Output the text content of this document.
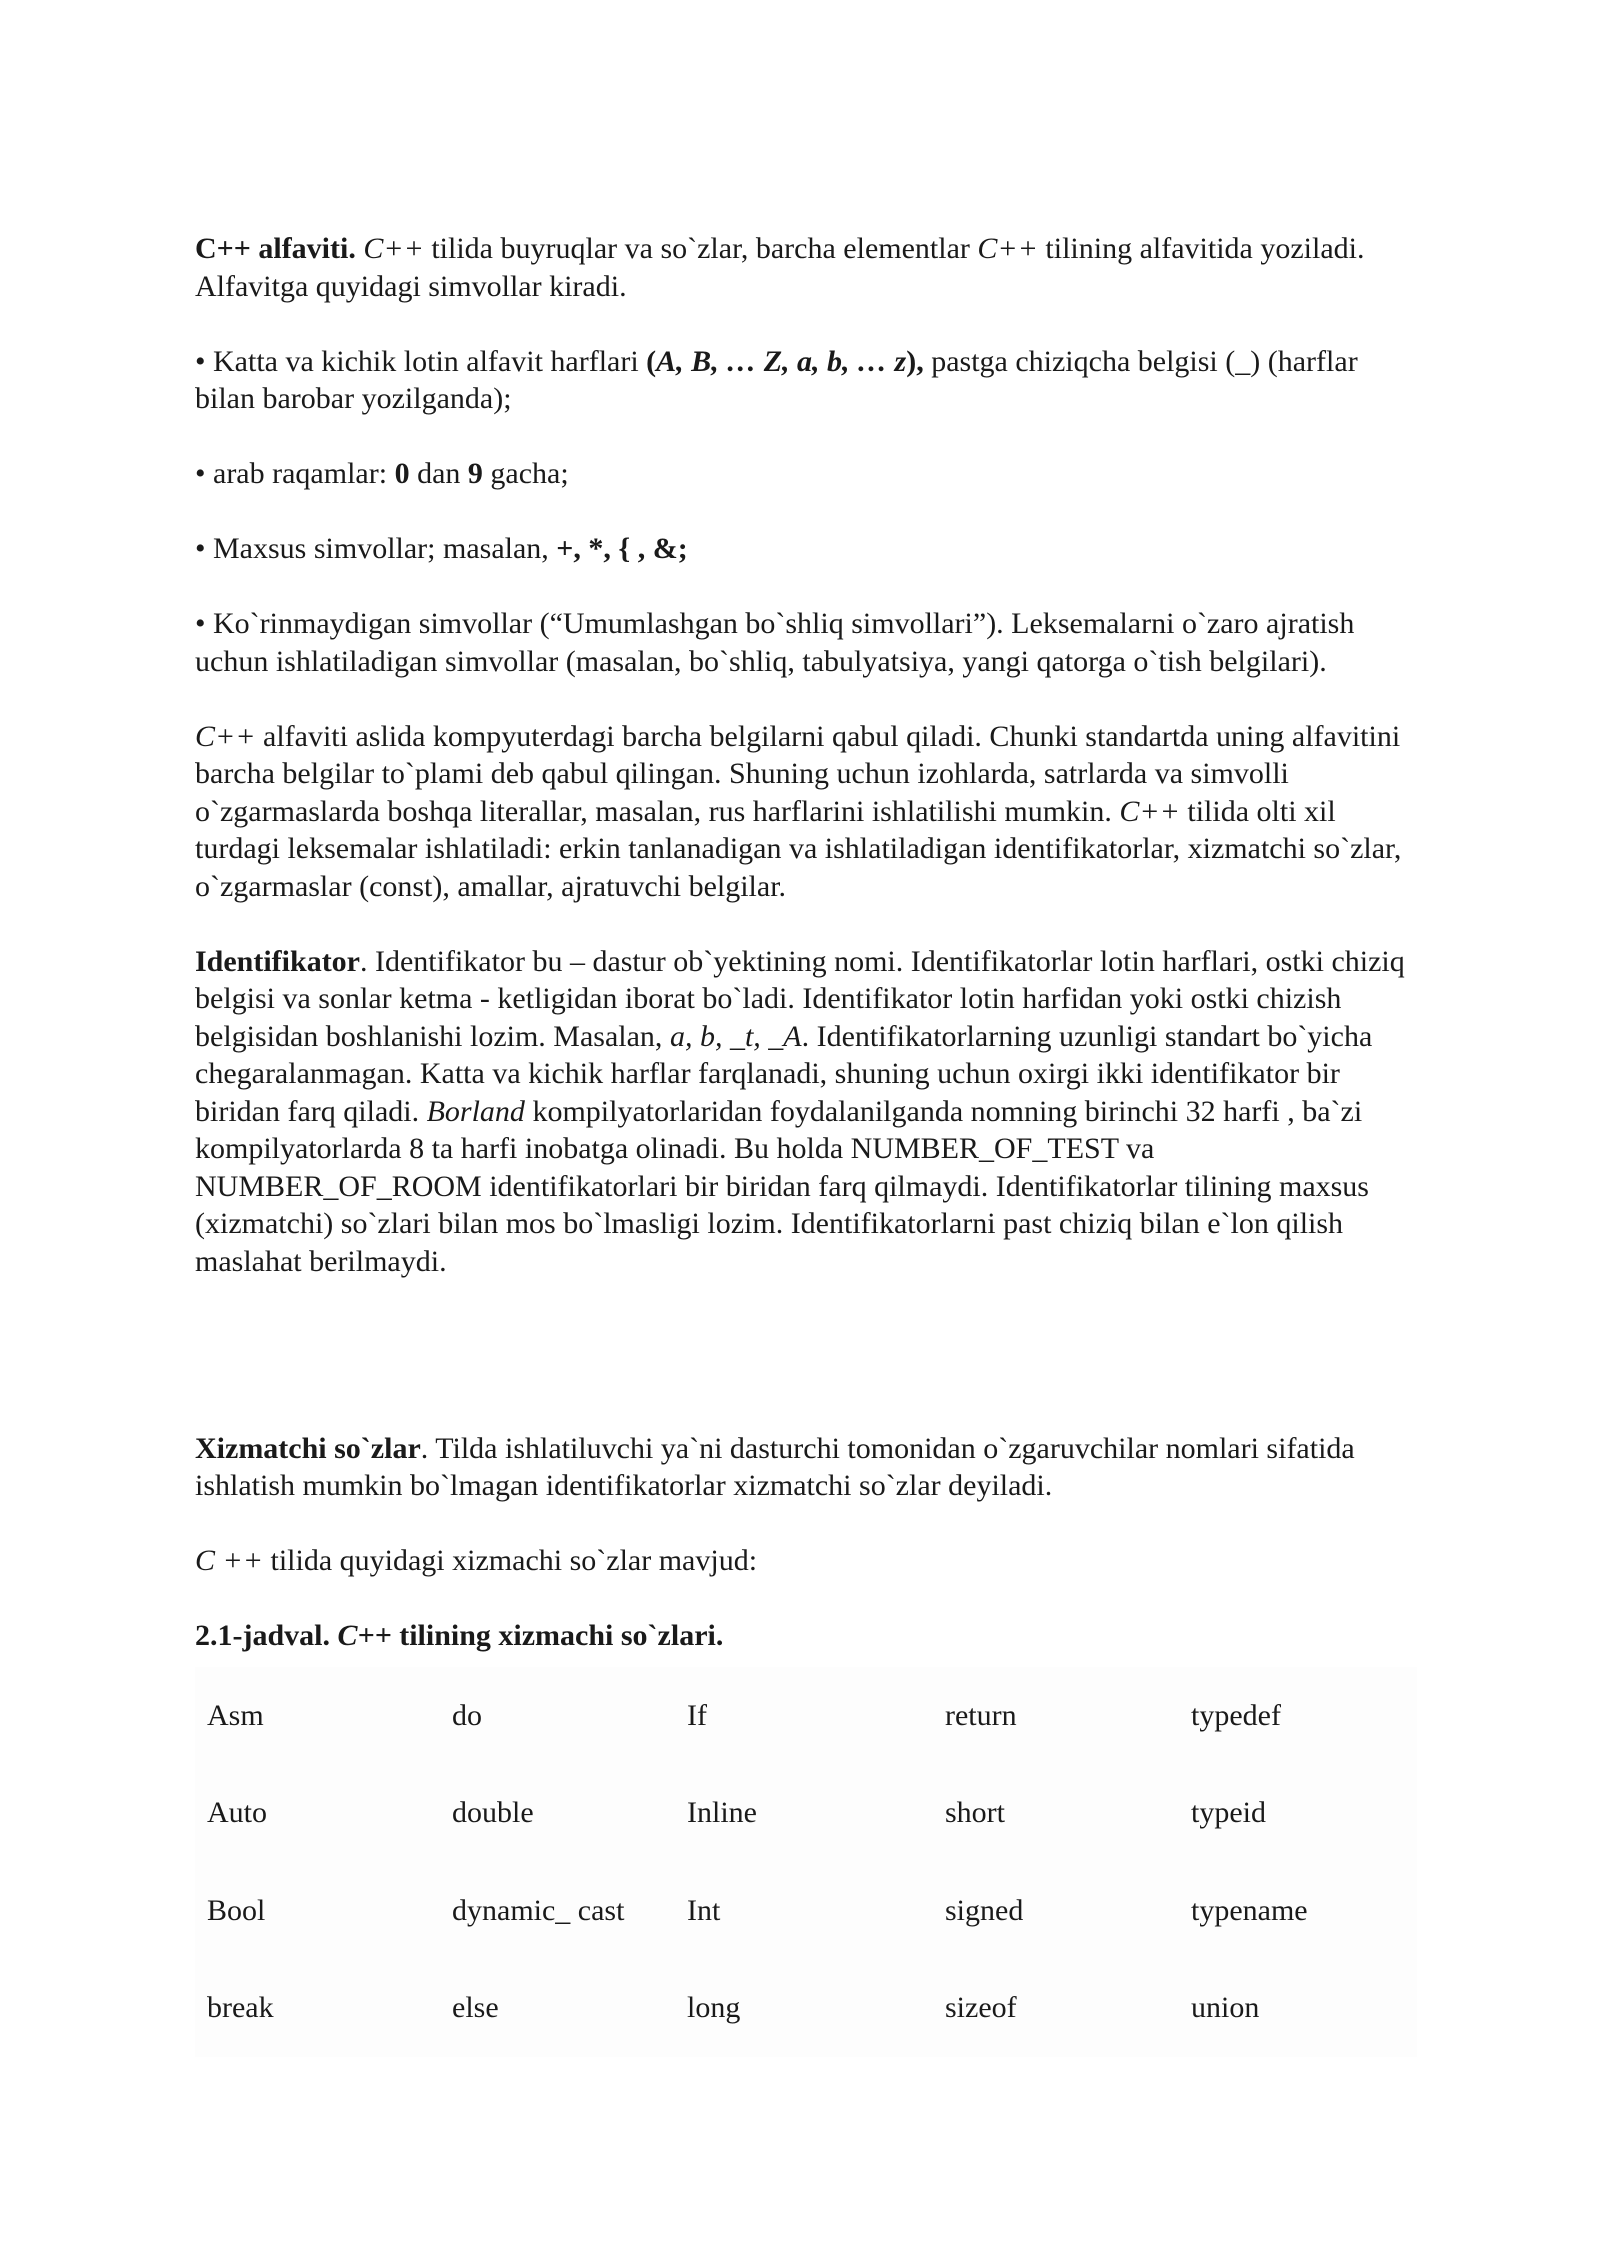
C++ alfaviti. C++ tilida buyruqlar va so`zlar, barcha elementlar C++ tilining alfavitida yoziladi. Alfavitga quyidagi simvollar kiradi.

• Katta va kichik lotin alfavit harflari (A, B, … Z, a, b, … z), pastga chiziqcha belgisi (_) (harflar bilan barobar yozilganda);

• arab raqamlar: 0 dan 9 gacha;

• Maxsus simvollar; masalan, +, *, { , &;

• Ko`rinmaydigan simvollar (“Umumlashgan bo`shliq simvollari”). Leksemalarni o`zaro ajratish uchun ishlatiladigan simvollar (masalan, bo`shliq, tabulyatsiya, yangi qatorga o`tish belgilari).

C++ alfaviti aslida kompyuterdagi barcha belgilarni qabul qiladi. Chunki standartda uning alfavitini barcha belgilar to`plami deb qabul qilingan. Shuning uchun izohlarda, satrlarda va simvolli o`zgarmaslarda boshqa literallar, masalan, rus harflarini ishlatilishi mumkin. C++ tilida olti xil turdagi leksemalar ishlatiladi: erkin tanlanadigan va ishlatiladigan identifikatorlar, xizmatchi so`zlar, o`zgarmaslar (const), amallar, ajratuvchi belgilar.

Identifikator. Identifikator bu – dastur ob`yektining nomi. Identifikatorlar lotin harflari, ostki chiziq belgisi va sonlar ketma - ketligidan iborat bo`ladi. Identifikator lotin harfidan yoki ostki chizish belgisidan boshlanishi lozim. Masalan, a, b, _t, _A. Identifikatorlarning uzunligi standart bo`yicha chegaralanmagan. Katta va kichik harflar farqlanadi, shuning uchun oxirgi ikki identifikator bir biridan farq qiladi. Borland kompilyatorlaridan foydalanilganda nomning birinchi 32 harfi , ba`zi kompilyatorlarda 8 ta harfi inobatga olinadi. Bu holda NUMBER_OF_TEST va NUMBER_OF_ROOM identifikatorlari bir biridan farq qilmaydi. Identifikatorlar tilining maxsus (xizmatchi) so`zlari bilan mos bo`lmasligi lozim. Identifikatorlarni past chiziq bilan e`lon qilish maslahat berilmaydi.

Xizmatchi so`zlar. Tilda ishlatiluvchi ya`ni dasturchi tomonidan o`zgaruvchilar nomlari sifatida ishlatish mumkin bo`lmagan identifikatorlar xizmatchi so`zlar deyiladi.

C ++ tilida quyidagi xizmachi so`zlar mavjud:

2.1-jadval. C++ tilining xizmachi so`zlari.

Asm	do	If	return	typedef
Auto	double	Inline	short	typeid
Bool	dynamic_ cast	Int	signed	typename
break	else	long	sizeof	union
